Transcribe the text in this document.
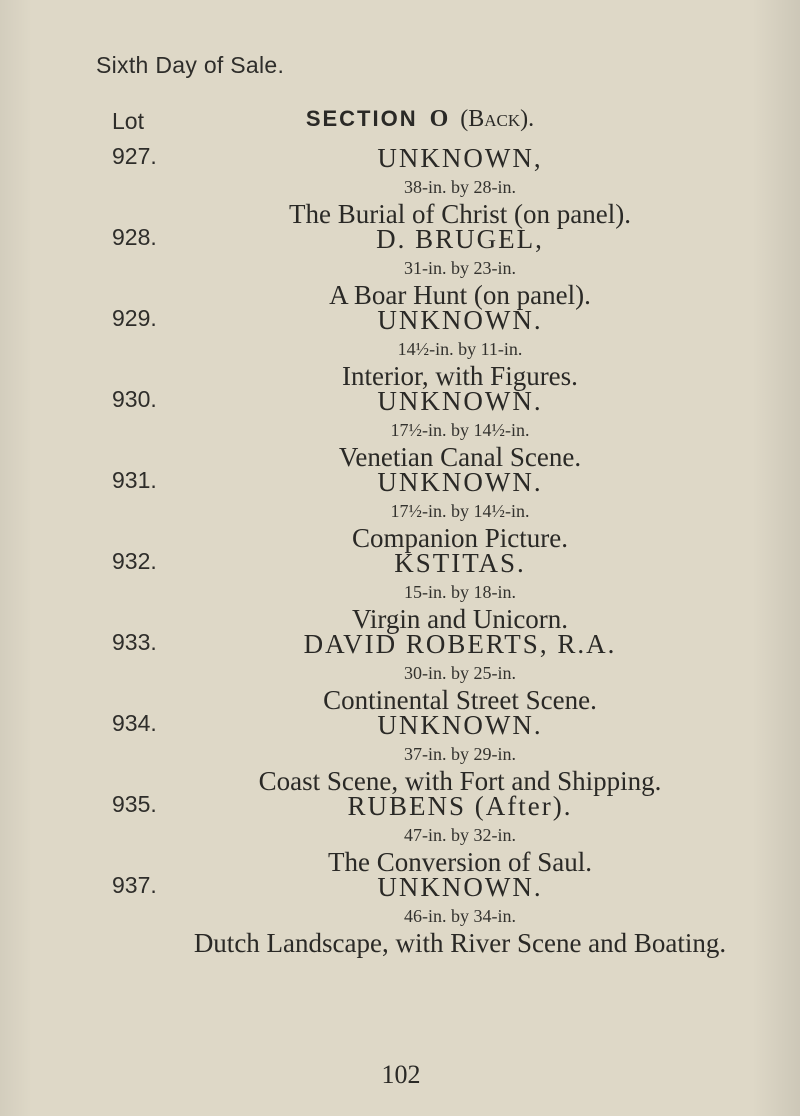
Sixth Day of Sale.
Lot	SECTION O (Back).
927.	UNKNOWN,
38-in. by 28-in.
The Burial of Christ (on panel).
928.	D. BRUGEL,
31-in. by 23-in.
A Boar Hunt (on panel).
929.	UNKNOWN.
14½-in. by 11-in.
Interior, with Figures.
930.	UNKNOWN.
17½-in. by 14½-in.
Venetian Canal Scene.
931.	UNKNOWN.
17½-in. by 14½-in.
Companion Picture.
932.	KSTITAS.
15-in. by 18-in.
Virgin and Unicorn.
933.	DAVID ROBERTS, R.A.
30-in. by 25-in.
Continental Street Scene.
934.	UNKNOWN.
37-in. by 29-in.
Coast Scene, with Fort and Shipping.
935.	RUBENS (After).
47-in. by 32-in.
The Conversion of Saul.
937.	UNKNOWN.
46-in. by 34-in.
Dutch Landscape, with River Scene and Boating.
102
